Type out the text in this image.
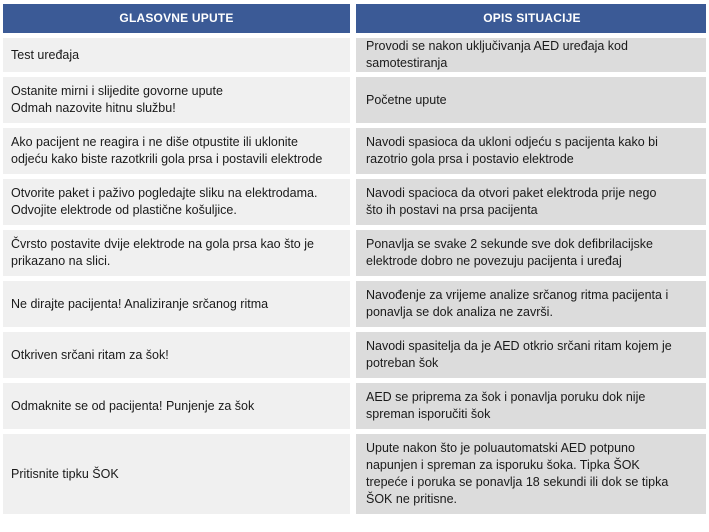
GLASOVNE UPUTE	OPIS SITUACIJE
Test uređaja
Provodi se nakon uključivanja AED uređaja kod
samotestiranja
Ostanite mirni i slijedite govorne upute
Odmah nazovite hitnu službu!
Početne upute
Ako pacijent ne reagira i ne diše otpustite ili uklonite
odjeću kako biste razotkrili gola prsa i postavili elektrode
Navodi spasioca da ukloni odjeću s pacijenta kako bi
razotrio gola prsa i postavio elektrode
Otvorite paket i paživo pogledajte sliku na elektrodama.
Odvojite elektrode od plastične košuljice.
Navodi spacioca da otvori paket elektroda prije nego
što ih postavi na prsa pacijenta
Čvrsto postavite dvije elektrode na gola prsa kao što je
prikazano na slici.
Ponavlja se svake 2 sekunde sve dok defibrilacijske
elektrode dobro ne povezuju pacijenta i uređaj
Ne dirajte pacijenta! Analiziranje srčanog ritma
Navođenje za vrijeme analize srčanog ritma pacijenta i
ponavlja se dok analiza ne završi.
Otkriven srčani ritam za šok!
Navodi spasitelja da je AED otkrio srčani ritam kojem je
potreban šok
Odmaknite se od pacijenta! Punjenje za šok
AED se priprema za šok i ponavlja poruku dok nije
spreman isporučiti šok
Pritisnite tipku ŠOK
Upute nakon što je poluautomatski AED potpuno
napunjen i spreman za isporuku šoka. Tipka ŠOK
trepeće i poruka se ponavlja 18 sekundi ili dok se tipka
ŠOK ne pritisne.
